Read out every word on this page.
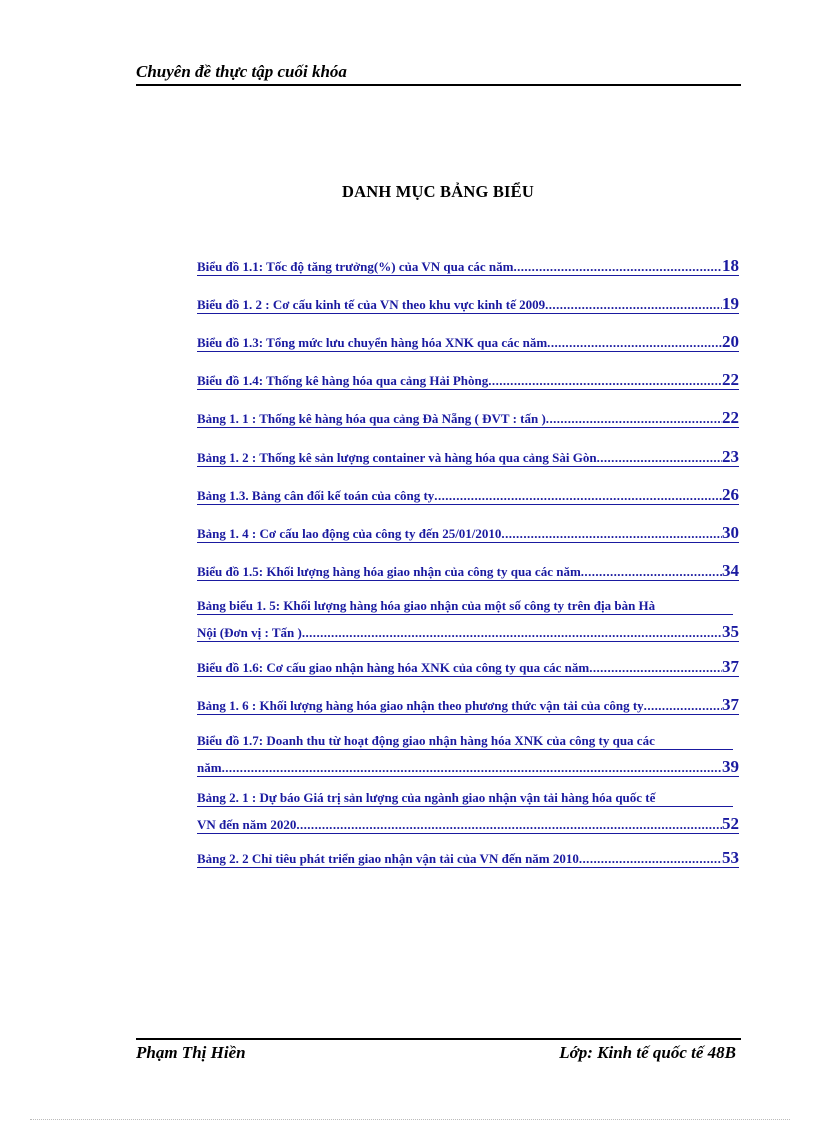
Chuyên đề thực tập cuối khóa
DANH MỤC BẢNG BIỂU
Biểu đồ 1.1: Tốc độ tăng trưởng(%) của VN qua các năm .....	18
Biểu đồ 1. 2 : Cơ cấu kinh tế của VN theo khu vực kinh tế 2009 .....	19
Biểu đồ 1.3: Tổng mức lưu chuyển hàng hóa XNK qua các năm .....	20
Biểu đồ 1.4: Thống kê hàng hóa qua cảng Hải Phòng .....	22
Bảng 1. 1 : Thống kê hàng hóa qua cảng Đà Nẵng ( ĐVT : tấn ) .....	22
Bảng 1. 2 : Thống kê sản lượng container và hàng hóa qua cảng Sài Gòn .....	23
Bảng 1.3. Bảng cân đối kế toán của công ty .....	26
Bảng 1. 4 : Cơ cấu lao động của công ty đến 25/01/2010 .....	30
Biểu đồ 1.5: Khối lượng hàng hóa giao nhận của công ty qua các năm .....	34
Bảng biểu 1. 5: Khối lượng hàng hóa giao nhận của một số công ty trên địa bàn Hà
Nội (Đơn vị : Tấn ) .....	35
Biểu đồ 1.6: Cơ cấu giao nhận hàng hóa XNK của công ty qua các năm .....	37
Bảng 1. 6 : Khối lượng hàng hóa giao nhận theo phương thức vận tải của công ty .....	37
Biểu đồ 1.7: Doanh thu từ hoạt động giao nhận hàng hóa XNK của công ty qua các
năm .....	39
Bảng 2. 1 : Dự báo Giá trị sản lượng của ngành giao nhận vận tải hàng hóa quốc tế
VN đến năm 2020 .....	52
Bảng 2. 2 Chỉ tiêu phát triển giao nhận vận tải của VN đến năm 2010 .....	53
Phạm Thị Hiền	Lớp: Kinh tế quốc tế 48B
